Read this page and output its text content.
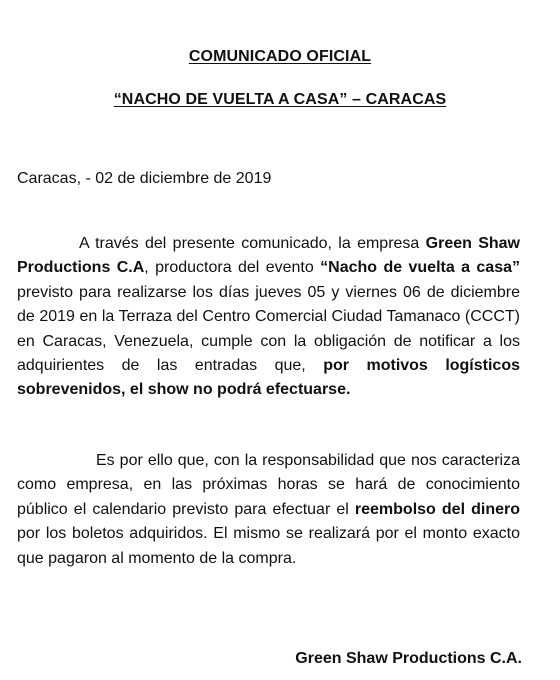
COMUNICADO OFICIAL
“NACHO DE VUELTA A CASA” – CARACAS
Caracas, - 02 de diciembre de 2019

A través del presente comunicado, la empresa Green Shaw Productions C.A, productora del evento “Nacho de vuelta a casa” previsto para realizarse los días jueves 05 y viernes 06 de diciembre de 2019 en la Terraza del Centro Comercial Ciudad Tamanaco (CCCT) en Caracas, Venezuela, cumple con la obligación de notificar a los adquirientes de las entradas que, por motivos logísticos sobrevenidos, el show no podrá efectuarse.

Es por ello que, con la responsabilidad que nos caracteriza como empresa, en las próximas horas se hará de conocimiento público el calendario previsto para efectuar el reembolso del dinero por los boletos adquiridos. El mismo se realizará por el monto exacto que pagaron al momento de la compra.

Green Shaw Productions C.A.
